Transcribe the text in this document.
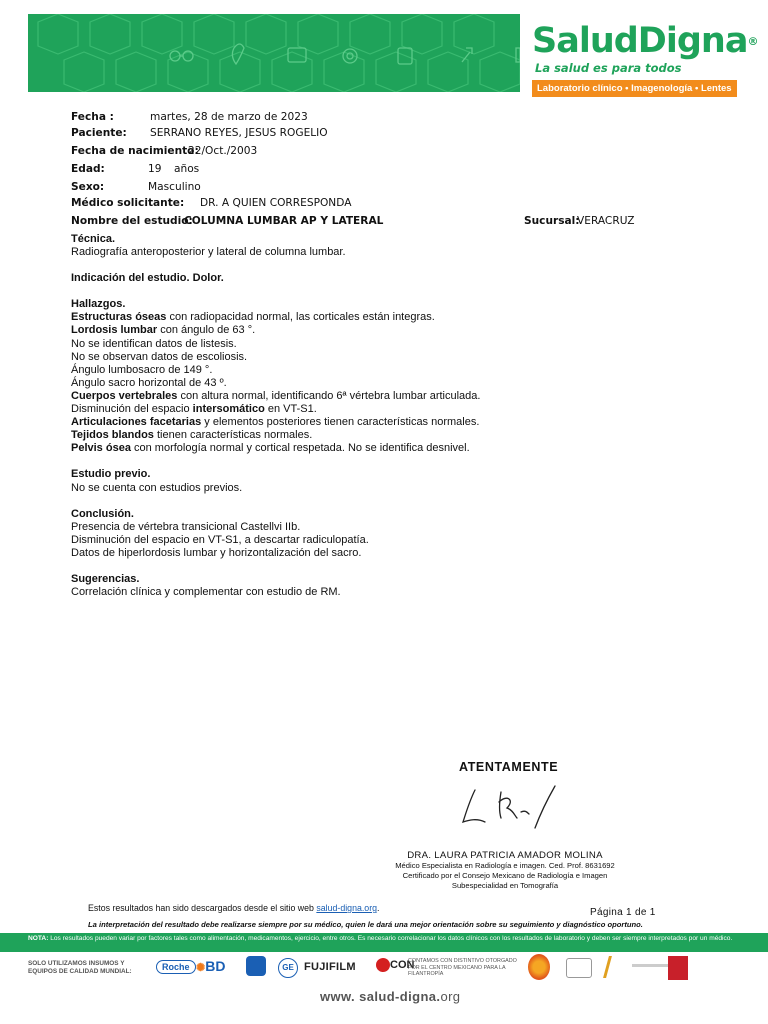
SaludDigna®
La salud es para todos
Laboratorio clínico • Imagenología • Lentes
Fecha :	martes, 28 de marzo de 2023
Paciente: SERRANO REYES, JESUS ROGELIO
Fecha de nacimiento:
22/Oct./2003
Edad:	19 años
Sexo:	Masculino
Médico solicitante: DR. A QUIEN CORRESPONDA
Nombre del estudio:
COLUMNA LUMBAR AP Y LATERAL	Sucursal:
VERACRUZ

Técnica.

Radiografía anteroposterior y lateral de columna lumbar.

Indicación del estudio. Dolor.

Hallazgos.

Estructuras óseas con radiopacidad normal, las corticales están integras.

Lordosis lumbar con ángulo de 63 °.

No se identifican datos de listesis.

No se observan datos de escoliosis.

Ángulo lumbosacro de 149 °.

Ángulo sacro horizontal de 43 º.

Cuerpos vertebrales con altura normal, identificando 6ª vértebra lumbar articulada.

Disminución del espacio intersomático en VT-S1.

Articulaciones facetarias y elementos posteriores tienen características normales.

Tejidos blandos tienen características normales.

Pelvis ósea con morfología normal y cortical respetada. No se identifica desnivel.

Estudio previo.

No se cuenta con estudios previos.

Conclusión.

Presencia de vértebra transicional Castellvi IIb.

Disminución del espacio en VT-S1, a descartar radiculopatía.

Datos de hiperlordosis lumbar y horizontalización del sacro.

Sugerencias.

Correlación clínica y complementar con estudio de RM.

ATENTAMENTE
DRA. LAURA PATRICIA AMADOR MOLINA
Médico Especialista en Radiología e imagen. Ced. Prof. 8631692
Certificado por el Consejo Mexicano de Radiología e Imagen
Subespecialidad en Tomografía
Estos resultados han sido descargados desde el sitio web salud-digna.org.	Página 1 de 1
La interpretación del resultado debe realizarse siempre por su médico, quien le dará una mejor orientación sobre su seguimiento y diagnóstico oportuno.
NOTA: Los resultados pueden variar por factores tales como alimentación, medicamentos, ejercicio, entre otros. Es necesario correlacionar los datos clínicos con los resultados de laboratorio y deben ser siempre interpretados por un médico.
SOLO UTILIZAMOS INSUMOS Y EQUIPOS DE CALIDAD MUNDIAL:	Roche ✺BD	GE FUJIFILM	CON
CONTAMOS CON DISTINTIVO OTORGADO POR EL CENTRO MEXICANO PARA LA FILANTROPÍA
www. salud-digna.org
